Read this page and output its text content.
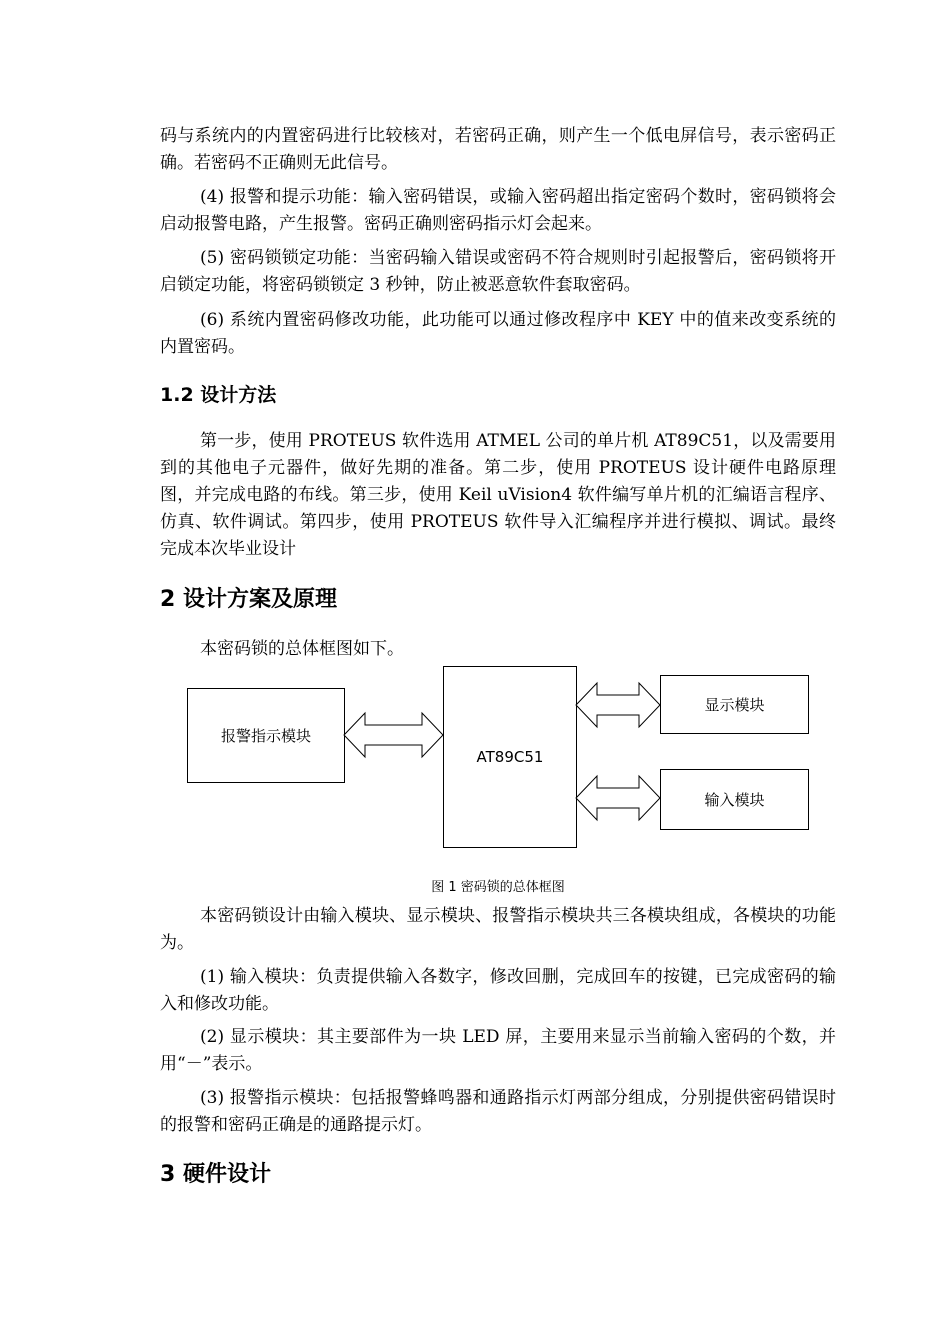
码与系统内的内置密码进行比较核对，若密码正确，则产生一个低电屏信号，表示密码正确。若密码不正确则无此信号。

(4) 报警和提示功能：输入密码错误，或输入密码超出指定密码个数时，密码锁将会启动报警电路，产生报警。密码正确则密码指示灯会起来。

(5) 密码锁锁定功能：当密码输入错误或密码不符合规则时引起报警后，密码锁将开启锁定功能，将密码锁锁定 3 秒钟，防止被恶意软件套取密码。

(6) 系统内置密码修改功能，此功能可以通过修改程序中 KEY 中的值来改变系统的内置密码。

1.2 设计方法

第一步，使用 PROTEUS 软件选用 ATMEL 公司的单片机 AT89C51，以及需要用到的其他电子元器件，做好先期的准备。第二步，使用 PROTEUS 设计硬件电路原理图，并完成电路的布线。第三步，使用 Keil uVision4 软件编写单片机的汇编语言程序、仿真、软件调试。第四步，使用 PROTEUS 软件导入汇编程序并进行模拟、调试。最终完成本次毕业设计

2 设计方案及原理

本密码锁的总体框图如下。

报警指示模块
AT89C51
显示模块
输入模块
图 1 密码锁的总体框图

本密码锁设计由输入模块、显示模块、报警指示模块共三各模块组成，各模块的功能为。

(1) 输入模块：负责提供输入各数字，修改回删，完成回车的按键，已完成密码的输入和修改功能。

(2) 显示模块：其主要部件为一块 LED 屏，主要用来显示当前输入密码的个数，并用“－”表示。

(3) 报警指示模块：包括报警蜂鸣器和通路指示灯两部分组成，分别提供密码错误时的报警和密码正确是的通路提示灯。

3 硬件设计
